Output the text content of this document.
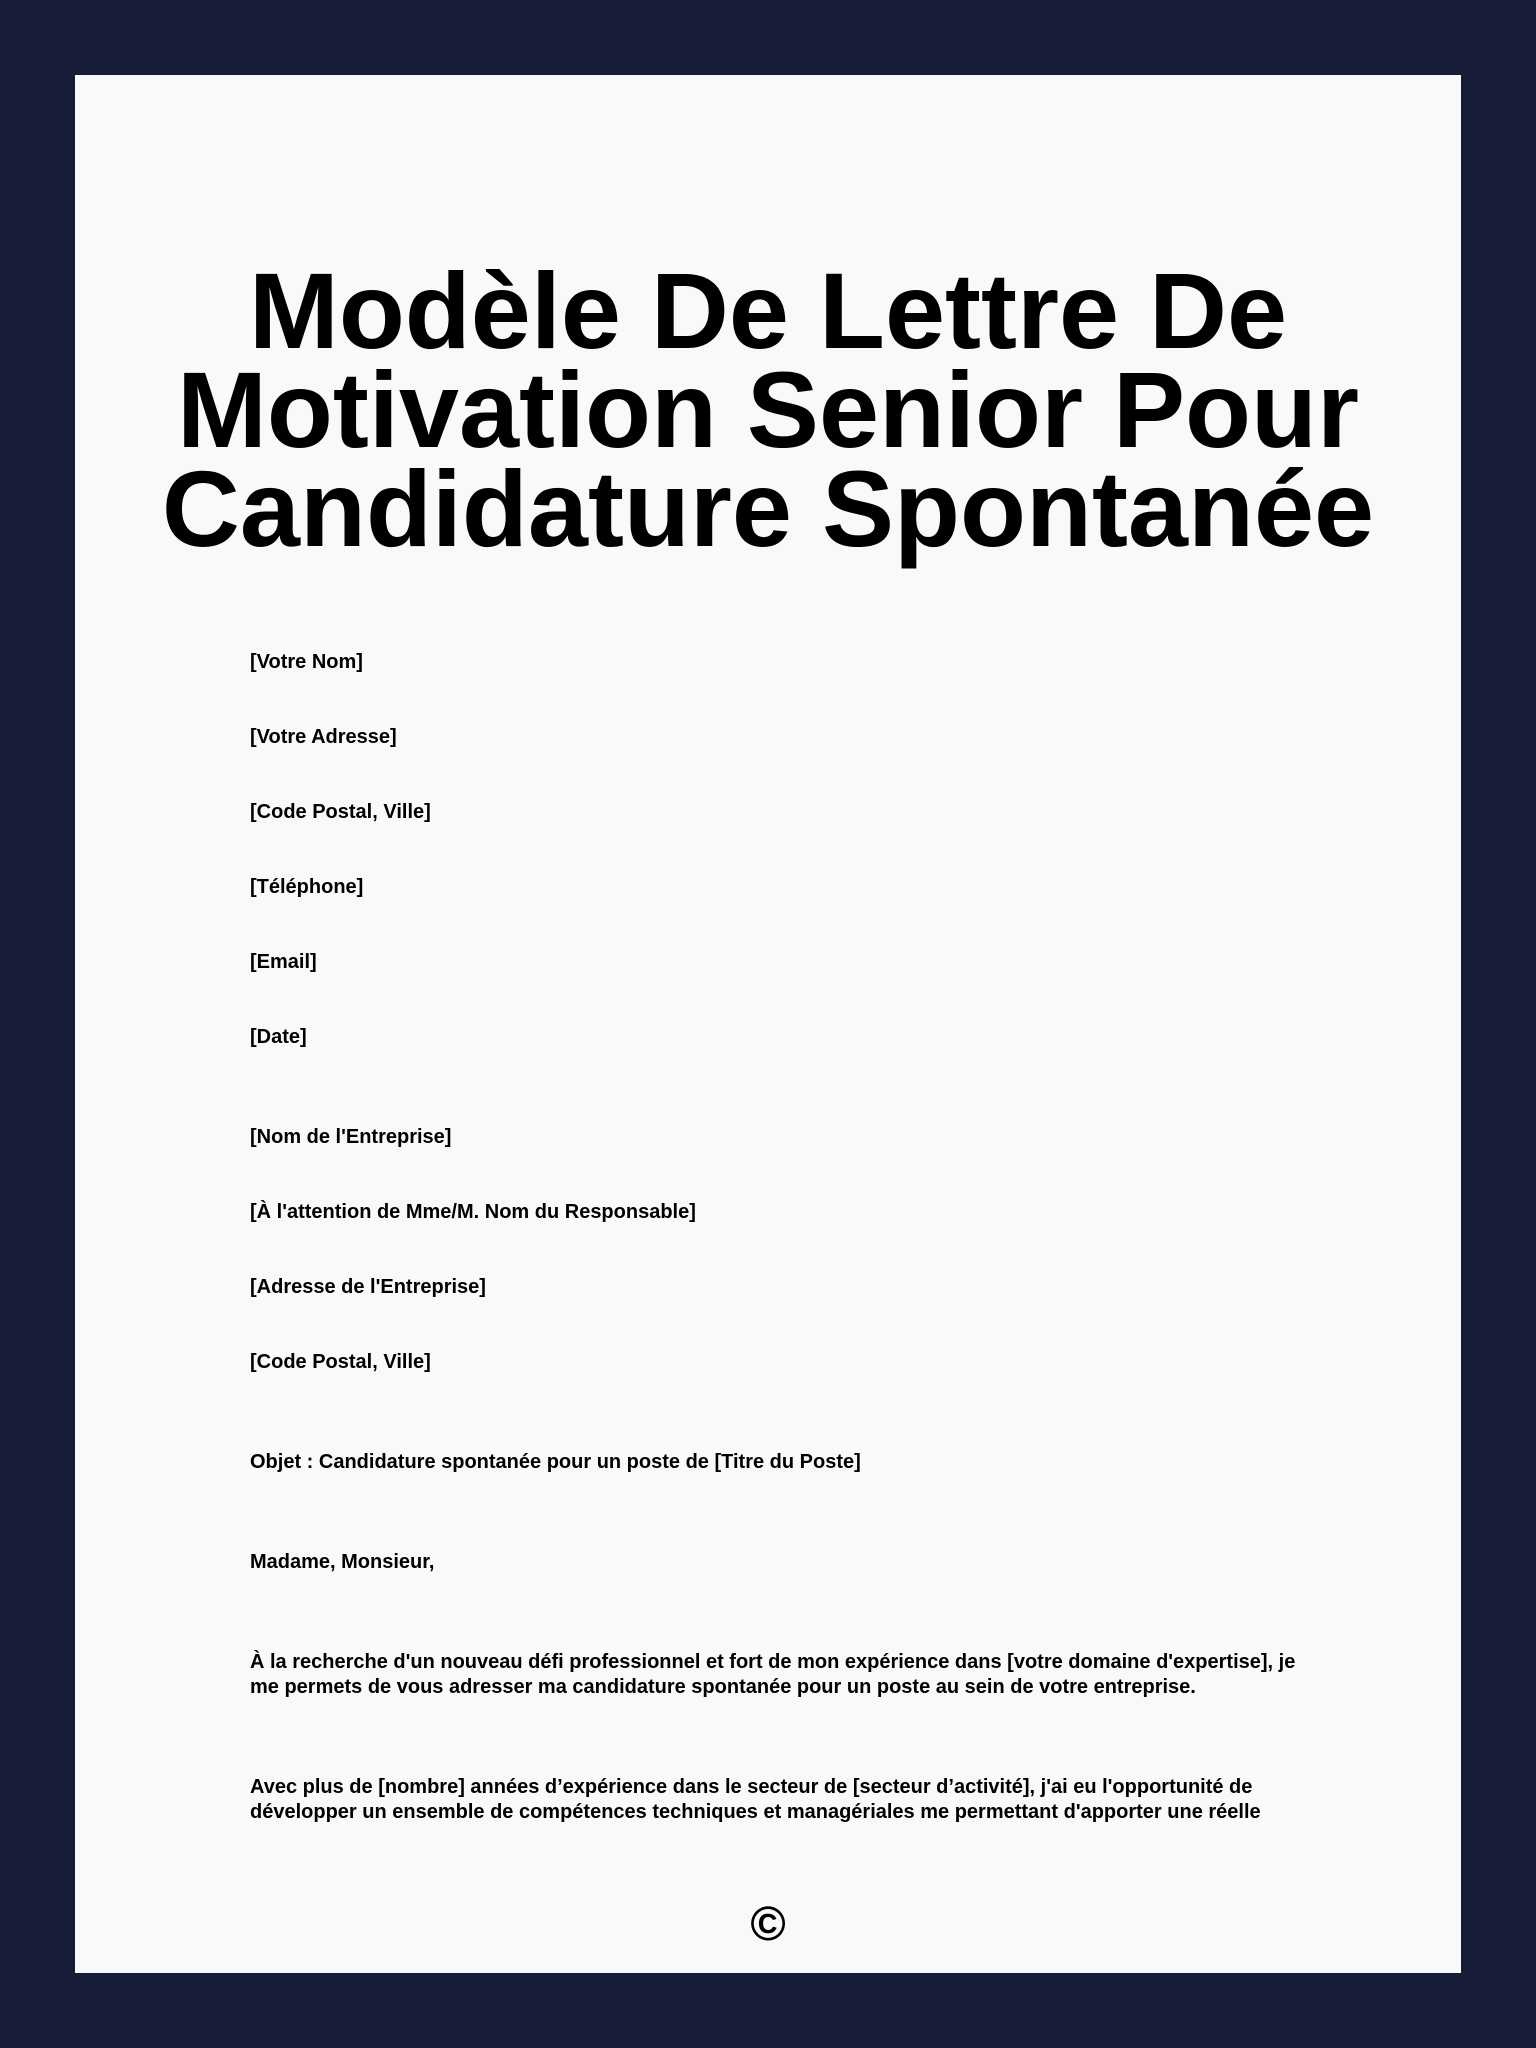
Modèle De Lettre De Motivation Senior Pour Candidature Spontanée

[Votre Nom]

[Votre Adresse]

[Code Postal, Ville]

[Téléphone]

[Email]

[Date]

[Nom de l'Entreprise]

[À l'attention de Mme/M. Nom du Responsable]

[Adresse de l'Entreprise]

[Code Postal, Ville]

Objet : Candidature spontanée pour un poste de [Titre du Poste]

Madame, Monsieur,

À la recherche d'un nouveau défi professionnel et fort de mon expérience dans [votre domaine d'expertise], je me permets de vous adresser ma candidature spontanée pour un poste au sein de votre entreprise.

Avec plus de [nombre] années d’expérience dans le secteur de [secteur d’activité], j'ai eu l'opportunité de développer un ensemble de compétences techniques et managériales me permettant d'apporter une réelle

©
